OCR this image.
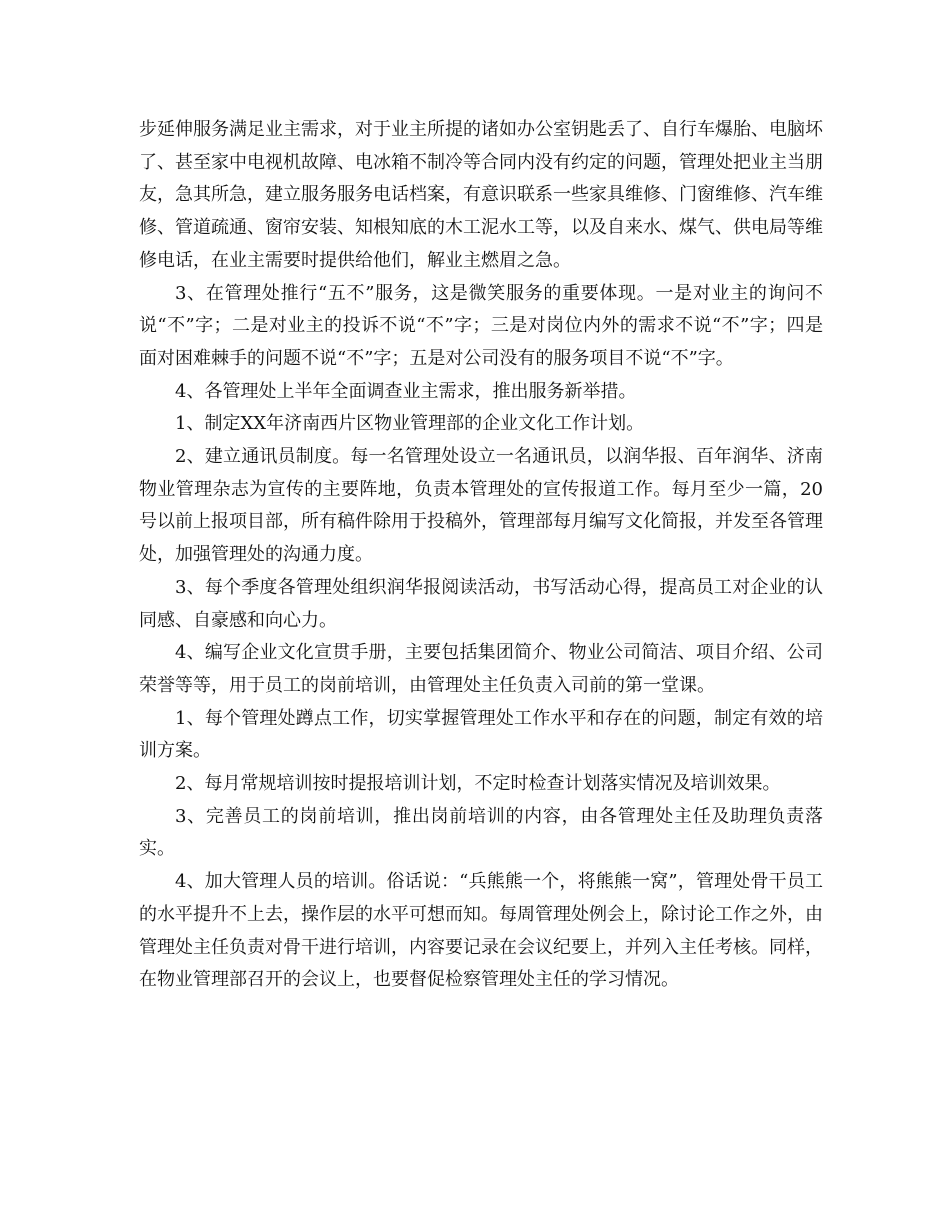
步延伸服务满足业主需求，对于业主所提的诸如办公室钥匙丢了、自行车爆胎、电脑坏了、甚至家中电视机故障、电冰箱不制冷等合同内没有约定的问题，管理处把业主当朋友，急其所急，建立服务服务电话档案，有意识联系一些家具维修、门窗维修、汽车维修、管道疏通、窗帘安装、知根知底的木工泥水工等，以及自来水、煤气、供电局等维修电话，在业主需要时提供给他们，解业主燃眉之急。

3、在管理处推行“五不”服务，这是微笑服务的重要体现。一是对业主的询问不说“不”字；二是对业主的投诉不说“不”字；三是对岗位内外的需求不说“不”字；四是面对困难棘手的问题不说“不”字；五是对公司没有的服务项目不说“不”字。

4、各管理处上半年全面调查业主需求，推出服务新举措。

1、制定XX年济南西片区物业管理部的企业文化工作计划。

2、建立通讯员制度。每一名管理处设立一名通讯员，以润华报、百年润华、济南物业管理杂志为宣传的主要阵地，负责本管理处的宣传报道工作。每月至少一篇，20号以前上报项目部，所有稿件除用于投稿外，管理部每月编写文化简报，并发至各管理处，加强管理处的沟通力度。

3、每个季度各管理处组织润华报阅读活动，书写活动心得，提高员工对企业的认同感、自豪感和向心力。

4、编写企业文化宣贯手册，主要包括集团简介、物业公司简洁、项目介绍、公司荣誉等等，用于员工的岗前培训，由管理处主任负责入司前的第一堂课。

1、每个管理处蹲点工作，切实掌握管理处工作水平和存在的问题，制定有效的培训方案。

2、每月常规培训按时提报培训计划，不定时检查计划落实情况及培训效果。

3、完善员工的岗前培训，推出岗前培训的内容，由各管理处主任及助理负责落实。

4、加大管理人员的培训。俗话说：“兵熊熊一个，将熊熊一窝”，管理处骨干员工的水平提升不上去，操作层的水平可想而知。每周管理处例会上，除讨论工作之外，由管理处主任负责对骨干进行培训，内容要记录在会议纪要上，并列入主任考核。同样，在物业管理部召开的会议上，也要督促检察管理处主任的学习情况。
